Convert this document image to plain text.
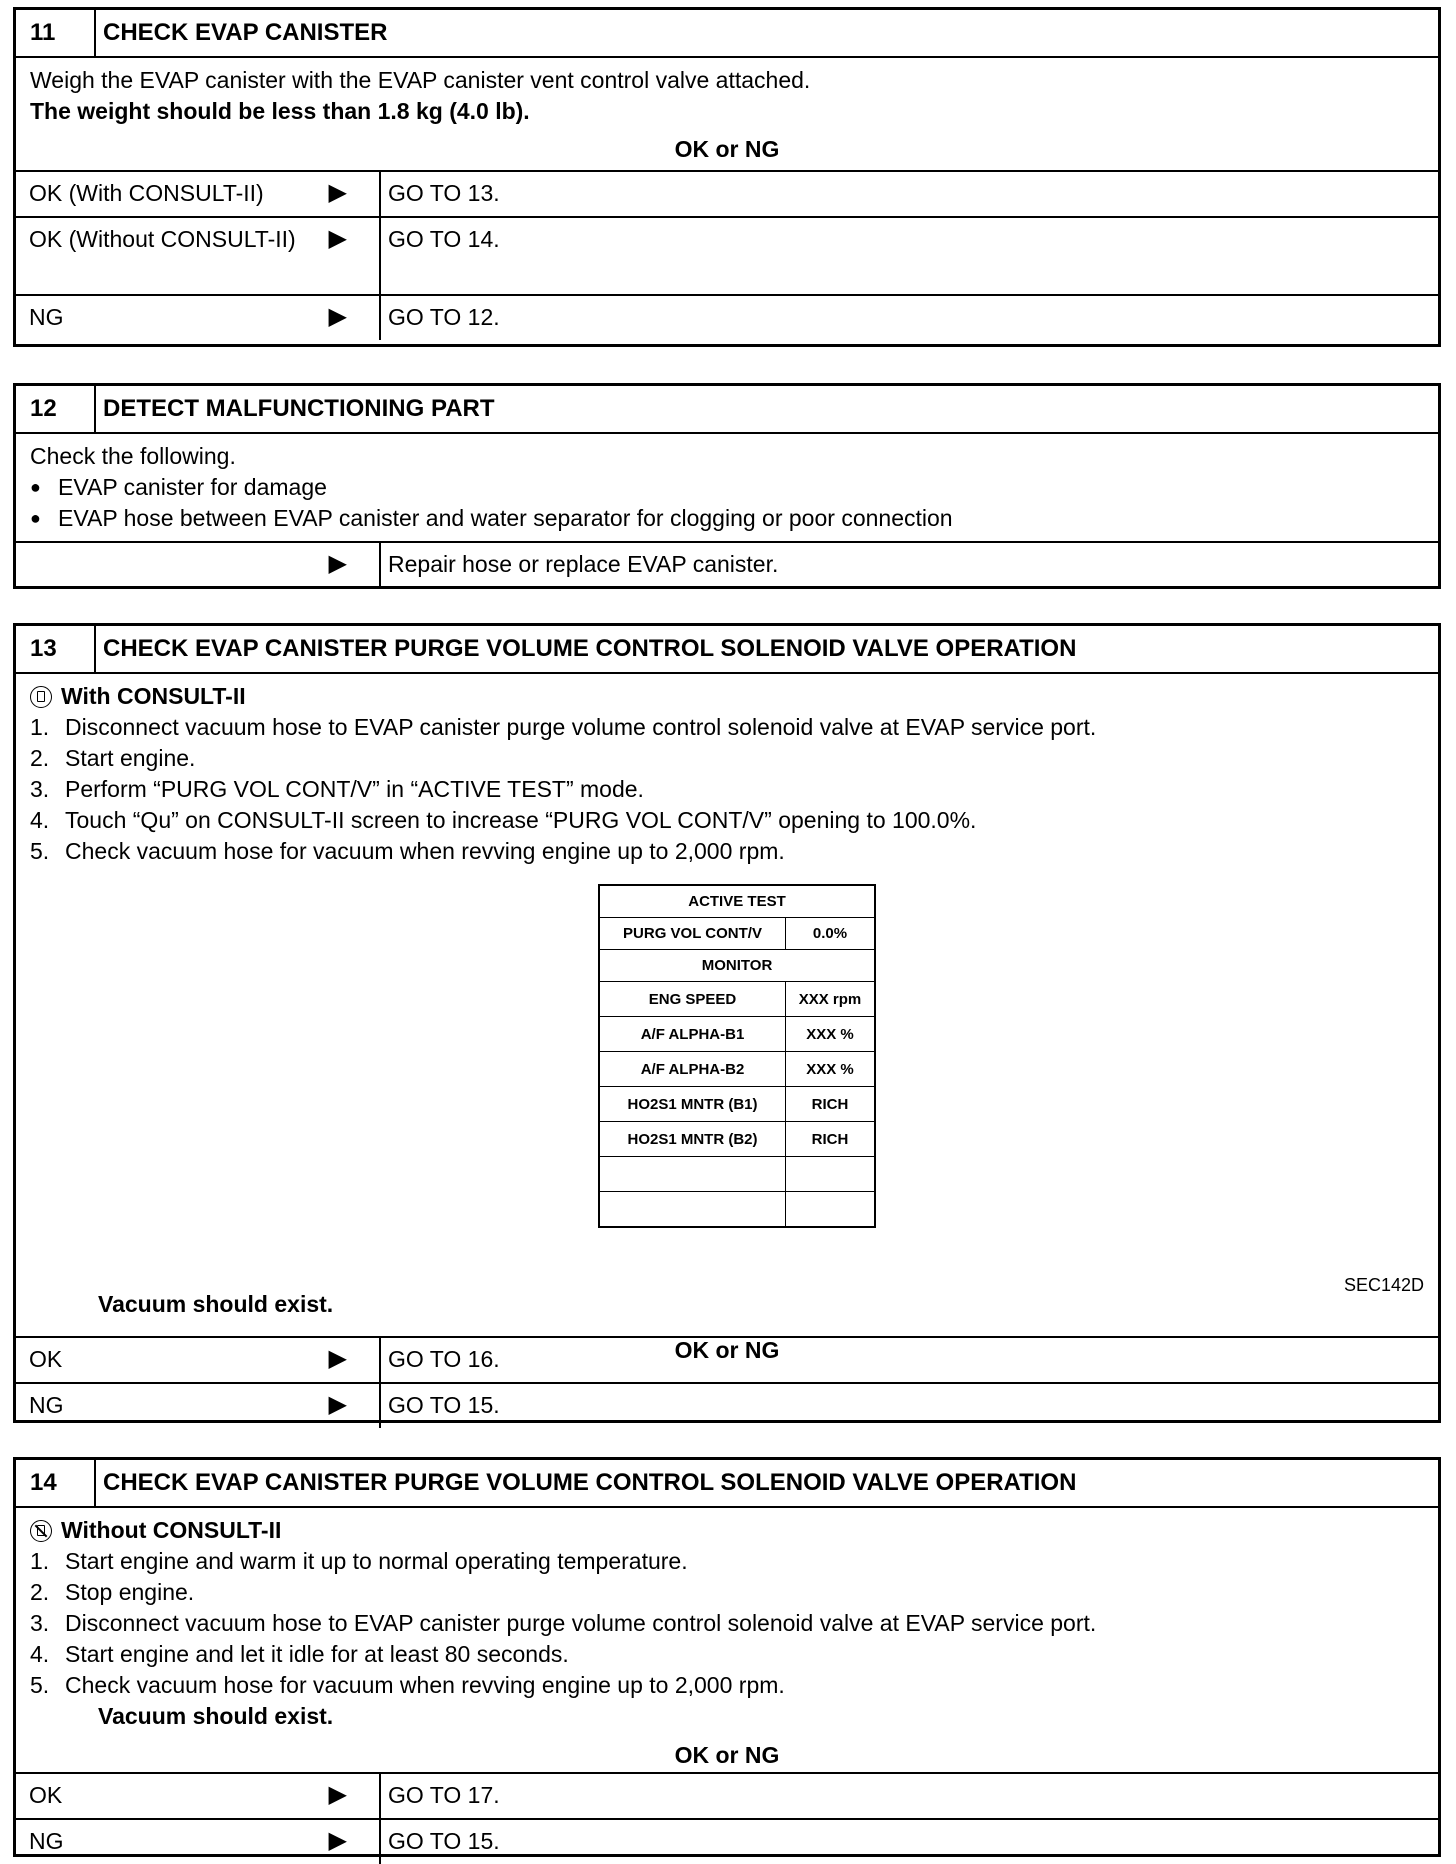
11	CHECK EVAP CANISTER
Weigh the EVAP canister with the EVAP canister vent control valve attached.
The weight should be less than 1.8 kg (4.0 lb).
OK or NG
OK (With CONSULT-II)	▶	GO TO 13.
OK (Without CONSULT-II)	▶	GO TO 14.
NG	▶	GO TO 12.
12	DETECT MALFUNCTIONING PART
Check the following.
● EVAP canister for damage
● EVAP hose between EVAP canister and water separator for clogging or poor connection
▶	Repair hose or replace EVAP canister.
13	CHECK EVAP CANISTER PURGE VOLUME CONTROL SOLENOID VALVE OPERATION
With CONSULT-II
1. Disconnect vacuum hose to EVAP canister purge volume control solenoid valve at EVAP service port.
2. Start engine.
3. Perform “PURG VOL CONT/V” in “ACTIVE TEST” mode.
4. Touch “Qu” on CONSULT-II screen to increase “PURG VOL CONT/V” opening to 100.0%.
5. Check vacuum hose for vacuum when revving engine up to 2,000 rpm.
ACTIVE TEST	
PURG VOL CONT/V	0.0%
MONITOR	
ENG SPEED	XXX rpm
A/F ALPHA-B1	XXX %
A/F ALPHA-B2	XXX %
HO2S1 MNTR (B1)	RICH
HO2S1 MNTR (B2)	RICH

SEC142D
Vacuum should exist.
OK or NG
OK	▶	GO TO 16.
NG	▶	GO TO 15.
14	CHECK EVAP CANISTER PURGE VOLUME CONTROL SOLENOID VALVE OPERATION
Without CONSULT-II
1. Start engine and warm it up to normal operating temperature.
2. Stop engine.
3. Disconnect vacuum hose to EVAP canister purge volume control solenoid valve at EVAP service port.
4. Start engine and let it idle for at least 80 seconds.
5. Check vacuum hose for vacuum when revving engine up to 2,000 rpm.
Vacuum should exist.
OK or NG
OK	▶	GO TO 17.
NG	▶	GO TO 15.
